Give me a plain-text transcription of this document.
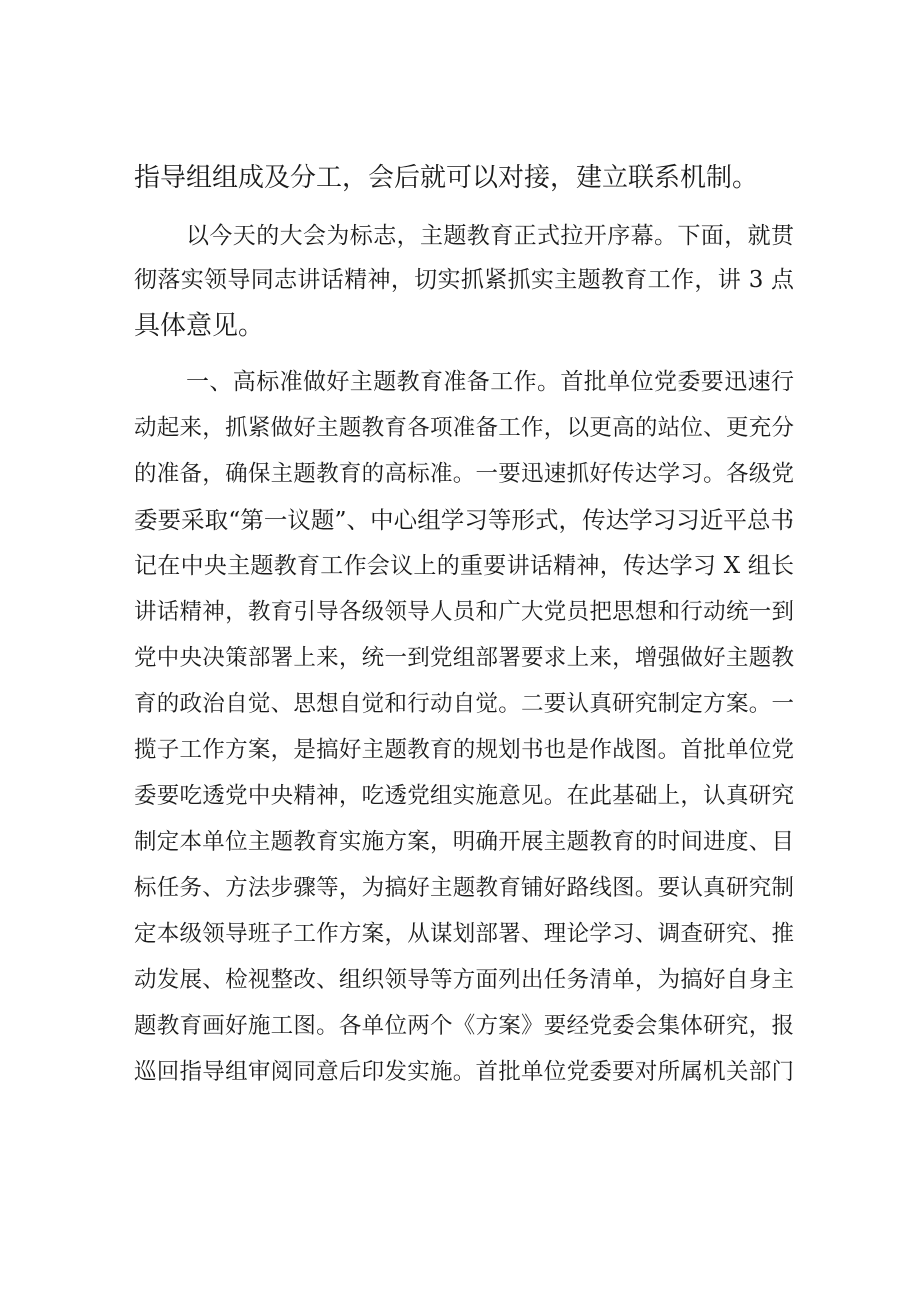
指导组组成及分工，会后就可以对接，建立联系机制。
以今天的大会为标志，主题教育正式拉开序幕。下面，就贯
彻落实领导同志讲话精神，切实抓紧抓实主题教育工作，讲 3 点
具体意见。
一、高标准做好主题教育准备工作。首批单位党委要迅速行
动起来，抓紧做好主题教育各项准备工作，以更高的站位、更充分
的准备，确保主题教育的高标准。一要迅速抓好传达学习。各级党
委要采取“第一议题”、中心组学习等形式，传达学习习近平总书
记在中央主题教育工作会议上的重要讲话精神，传达学习 X 组长
讲话精神，教育引导各级领导人员和广大党员把思想和行动统一到
党中央决策部署上来，统一到党组部署要求上来，增强做好主题教
育的政治自觉、思想自觉和行动自觉。二要认真研究制定方案。一
揽子工作方案，是搞好主题教育的规划书也是作战图。首批单位党
委要吃透党中央精神，吃透党组实施意见。在此基础上，认真研究
制定本单位主题教育实施方案，明确开展主题教育的时间进度、目
标任务、方法步骤等，为搞好主题教育铺好路线图。要认真研究制
定本级领导班子工作方案，从谋划部署、理论学习、调查研究、推
动发展、检视整改、组织领导等方面列出任务清单，为搞好自身主
题教育画好施工图。各单位两个《方案》要经党委会集体研究，报
巡回指导组审阅同意后印发实施。首批单位党委要对所属机关部门
